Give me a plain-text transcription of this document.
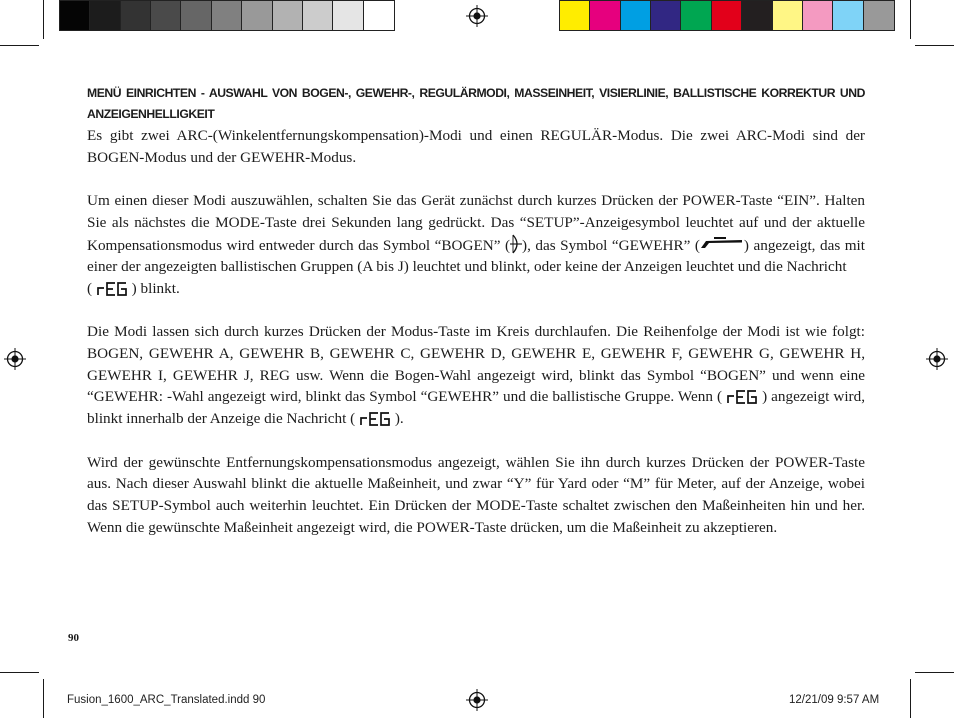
MENÜ EINRICHTEN - AUSWAHL VON BOGEN-, GEWEHR-, REGULÄRMODI, MASSEINHEIT, VISIERLINIE, BALLISTISCHE KORREKTUR UND ANZEIGENHELLIGKEIT

Es gibt zwei ARC-(Winkelentfernungskompensation)-Modi und einen REGULÄR-Modus. Die zwei ARC-Modi sind der BOGEN-Modus und der GEWEHR-Modus.

Um einen dieser Modi auszuwählen, schalten Sie das Gerät zunächst durch kurzes Drücken der POWER-Taste “EIN”. Halten Sie als nächstes die MODE-Taste drei Sekunden lang gedrückt. Das “SETUP”-Anzeigesymbol leuchtet auf und der aktuelle Kompensationsmodus wird entweder durch das Symbol “BOGEN” ( ), das Symbol “GEWEHR” (	) angezeigt, das mit einer der angezeigten ballistischen Gruppen (A bis J) leuchtet und blinkt, oder keine der Anzeigen leuchtet und die Nachricht
(  ) blinkt.

Die Modi lassen sich durch kurzes Drücken der Modus-Taste im Kreis durchlaufen. Die Reihenfolge der Modi ist wie folgt: BOGEN, GEWEHR A, GEWEHR B, GEWEHR C, GEWEHR D, GEWEHR E, GEWEHR F, GEWEHR G, GEWEHR H, GEWEHR I, GEWEHR J, REG usw. Wenn die Bogen-Wahl angezeigt wird, blinkt das Symbol “BOGEN” und wenn eine “GEWEHR: -Wahl angezeigt wird, blinkt das Symbol “GEWEHR” und die ballistische Gruppe. Wenn (  ) angezeigt wird, blinkt innerhalb der Anzeige die Nachricht (  ).

Wird der gewünschte Entfernungskompensationsmodus angezeigt, wählen Sie ihn durch kurzes Drücken der POWER-Taste aus. Nach dieser Auswahl blinkt die aktuelle Maßeinheit, und zwar “Y” für Yard oder “M” für Meter, auf der Anzeige, wobei das SETUP-Symbol auch weiterhin leuchtet. Ein Drücken der MODE-Taste schaltet zwischen den Maßeinheiten hin und her. Wenn die gewünschte Maßeinheit angezeigt wird, die POWER-Taste drücken, um die Maßeinheit zu akzeptieren.

90
Fusion_1600_ARC_Translated.indd 90	12/21/09 9:57 AM
